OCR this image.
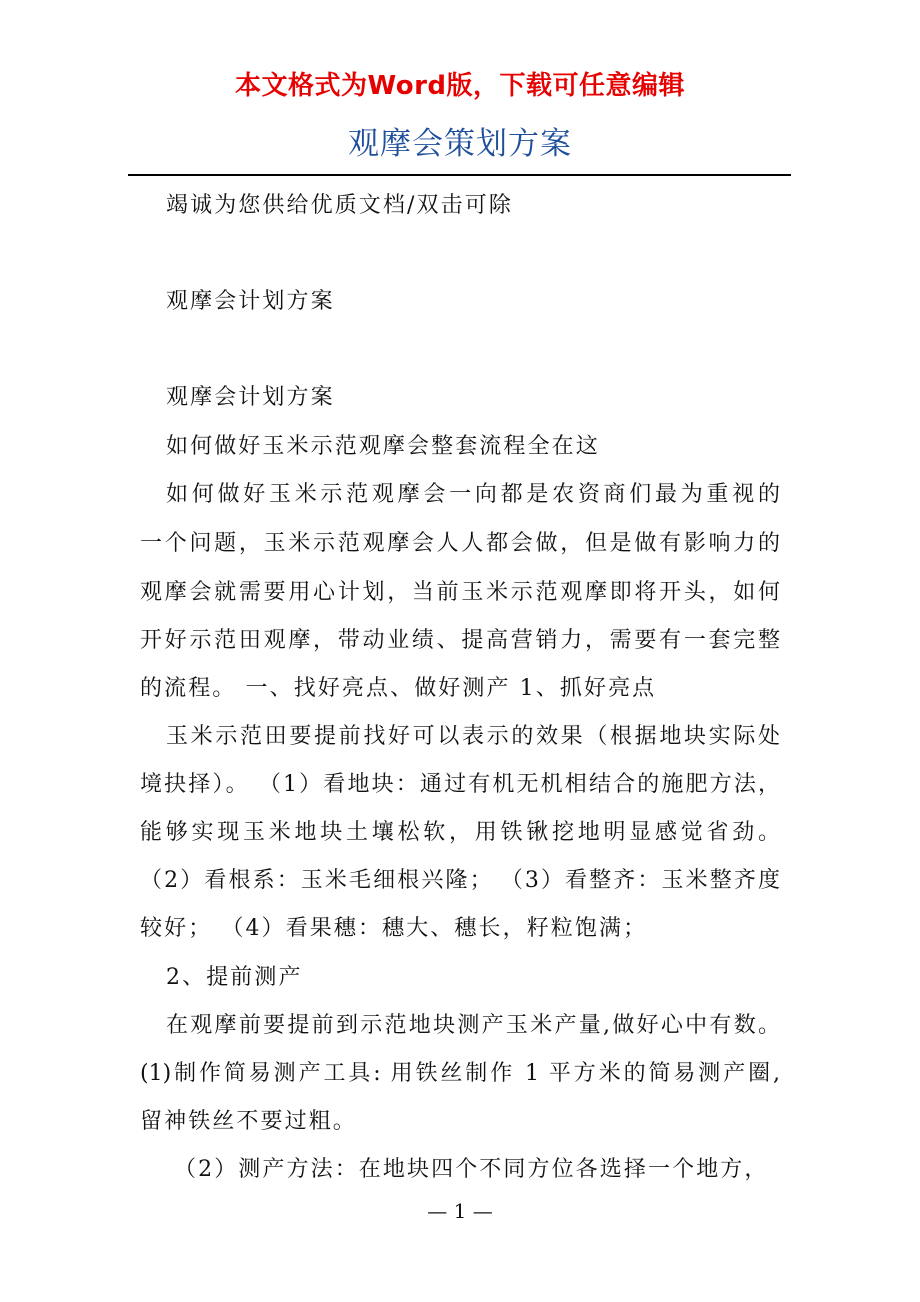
本文格式为Word版，下载可任意编辑
观摩会策划方案
竭诚为您供给优质文档/双击可除
观摩会计划方案
观摩会计划方案
如何做好玉米示范观摩会整套流程全在这
如何做好玉米示范观摩会一向都是农资商们最为重视的
一个问题，玉米示范观摩会人人都会做，但是做有影响力的
观摩会就需要用心计划，当前玉米示范观摩即将开头，如何
开好示范田观摩，带动业绩、提高营销力，需要有一套完整
的流程。 一、找好亮点、做好测产 1、抓好亮点
玉米示范田要提前找好可以表示的效果（根据地块实际处
境抉择）。 （1）看地块：通过有机无机相结合的施肥方法，
能够实现玉米地块土壤松软，用铁锹挖地明显感觉省劲。
（2）看根系：玉米毛细根兴隆； （3）看整齐：玉米整齐度
较好； （4）看果穗：穗大、穗长，籽粒饱满；
2、提前测产
在观摩前要提前到示范地块测产玉米产量,做好心中有数。
(1)制作简易测产工具: 用铁丝制作 1 平方米的简易测产圈,
留神铁丝不要过粗。
（2）测产方法：在地块四个不同方位各选择一个地方，
— 1 —
